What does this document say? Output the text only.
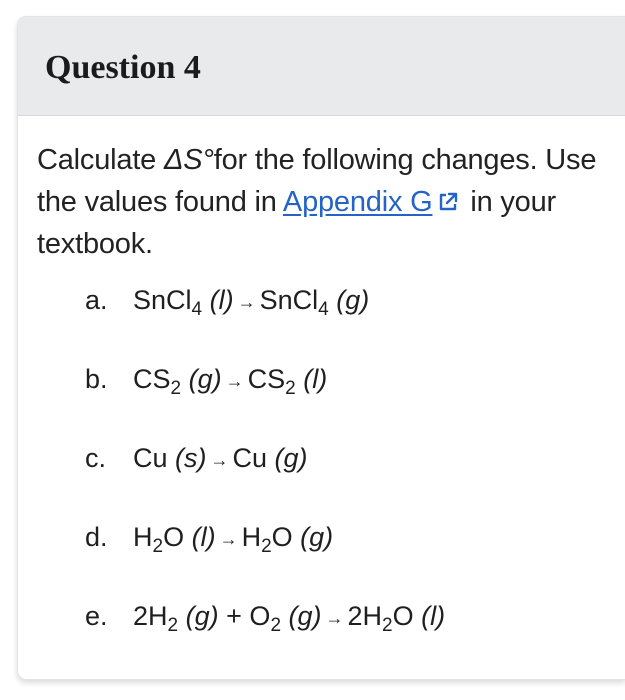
Question 4
Calculate ΔS°for the following changes. Use the values found in Appendix G in your textbook.
a. SnCl$_4$ (l) → SnCl$_4$ (g)
b. $CS_2$ $(g) \to CS_2$ (l)
c. Cu (s) → Cu (g)
d. $H_2O$ $(l) \to H_2O$ (g)
e. $2H_2$ $(g) + O_2$ $(g) \to 2H_2O$ (l)
